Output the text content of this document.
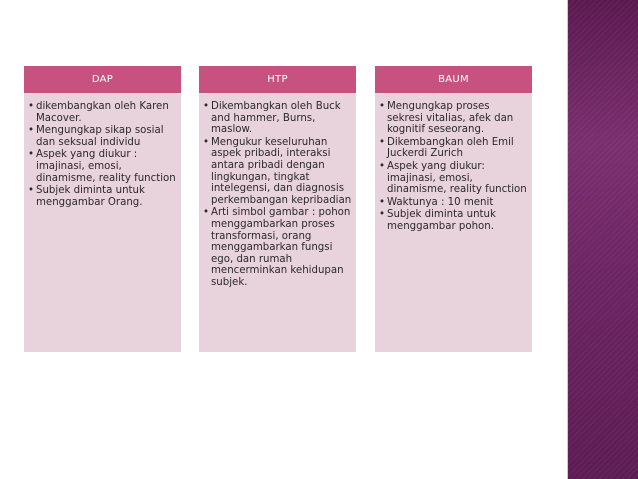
DAP
• dikembangkan oleh Karen Macover.
• Mengungkap sikap sosial dan seksual individu
• Aspek yang diukur : imajinasi, emosi, dinamisme, reality function
• Subjek diminta untuk menggambar Orang.
HTP
• Dikembangkan oleh Buck and hammer, Burns, maslow.
• Mengukur keseluruhan aspek pribadi, interaksi antara pribadi dengan lingkungan, tingkat intelegensi, dan diagnosis perkembangan kepribadian
• Arti simbol gambar : pohon menggambarkan proses transformasi, orang menggambarkan fungsi ego, dan rumah mencerminkan kehidupan subjek.
BAUM
• Mengungkap proses sekresi vitalias, afek dan kognitif seseorang.
• Dikembangkan oleh Emil Juckerdi Zurich
• Aspek yang diukur: imajinasi, emosi, dinamisme, reality function
• Waktunya : 10 menit
• Subjek diminta untuk menggambar pohon.
